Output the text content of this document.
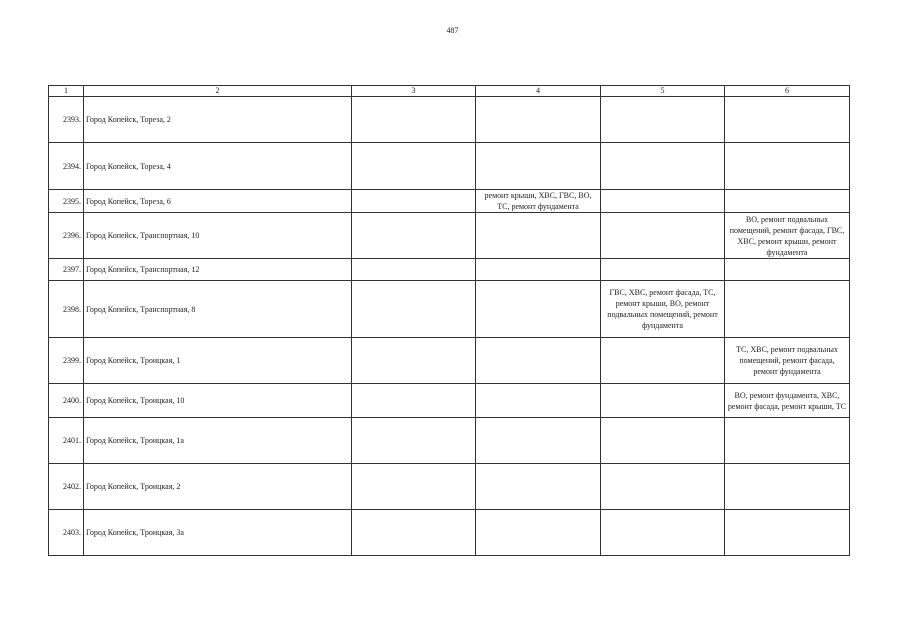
487
1	2	3	4	5	6
2393.	Город Копейск, Тореза, 2				
2394.	Город Копейск, Тореза, 4				
2395.	Город Копейск, Тореза, 6		ремонт крыши, ХВС, ГВС, ВО, ТС, ремонт фундамента		
2396.	Город Копейск, Транспортная, 10				ВО, ремонт подвальных помещений, ремонт фасада, ГВС, ХВС, ремонт крыши, ремонт фундамента
2397.	Город Копейск, Транспортная, 12				
2398.	Город Копейск, Транспортная, 8			ГВС, ХВС, ремонт фасада, ТС, ремонт крыши, ВО, ремонт подвальных помещений, ремонт фундамента	
2399.	Город Копейск, Троицкая, 1				ТС, ХВС, ремонт подвальных помещений, ремонт фасада, ремонт фундамента
2400.	Город Копейск, Троицкая, 10				ВО, ремонт фундамента, ХВС, ремонт фасада, ремонт крыши, ТС
2401.	Город Копейск, Троицкая, 1а				
2402.	Город Копейск, Троицкая, 2				
2403.	Город Копейск, Троицкая, 3а				
